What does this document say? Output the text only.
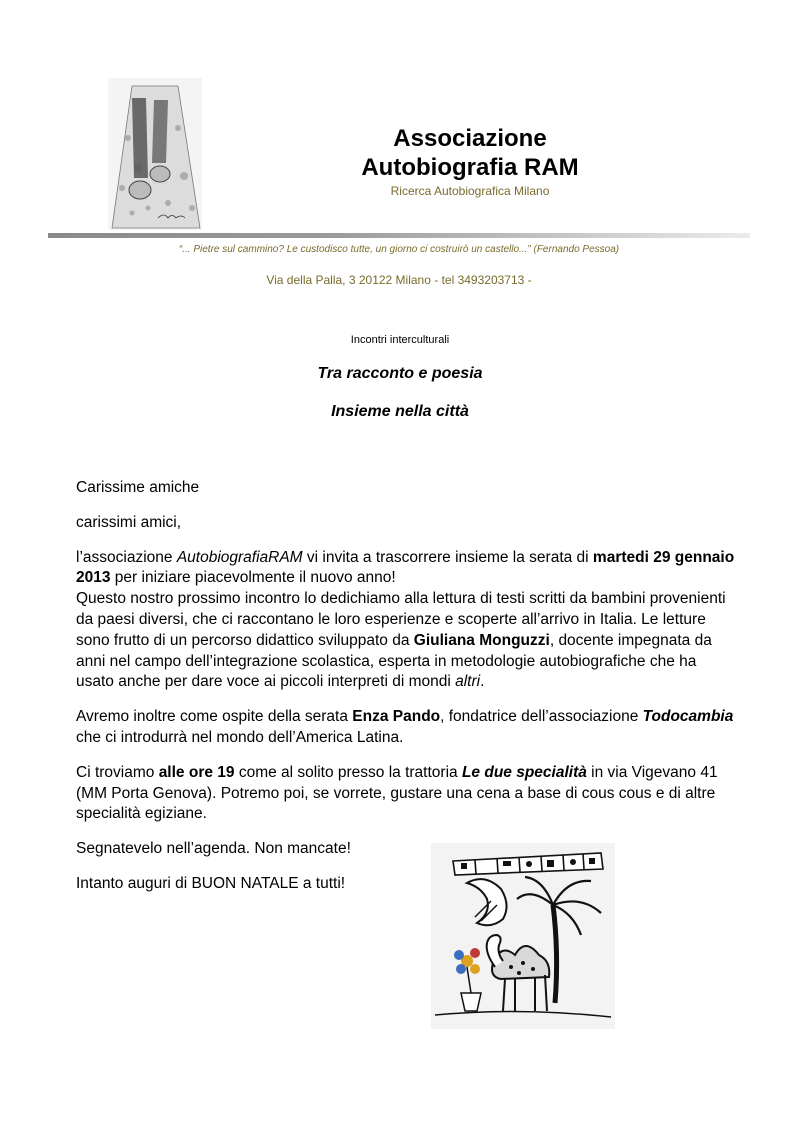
Associazione
Autobiografia RAM
Ricerca Autobiografica Milano
“... Pietre sul cammino? Le custodisco tutte, un giorno ci costruirò un castello...” (Fernando Pessoa)
Via della Palla, 3 20122 Milano - tel 3493203713 -
Incontri interculturali
Tra racconto e poesia
Insieme nella città

Carissime amiche

carissimi amici,

l’associazione AutobiografiaRAM vi invita a trascorrere insieme la serata di martedi 29 gennaio 2013 per iniziare piacevolmente il nuovo anno!

Questo nostro prossimo incontro lo dedichiamo alla lettura di testi scritti da bambini provenienti da paesi diversi, che ci raccontano le loro esperienze e scoperte all’arrivo in Italia. Le letture sono frutto di un percorso didattico sviluppato da Giuliana Monguzzi, docente impegnata da anni nel campo dell’integrazione scolastica, esperta in metodologie autobiografiche che ha usato anche per dare voce ai piccoli interpreti di mondi altri.

Avremo inoltre come ospite della serata Enza Pando, fondatrice dell’associazione Todocambia che ci introdurrà nel mondo dell’America Latina.

Ci troviamo alle ore 19 come al solito presso la trattoria Le due specialità in via Vigevano 41 (MM Porta Genova). Potremo poi, se vorrete, gustare una cena a base di cous cous e di altre specialità egiziane.

Segnatevelo nell’agenda. Non mancate!

Intanto auguri di BUON NATALE a tutti!
